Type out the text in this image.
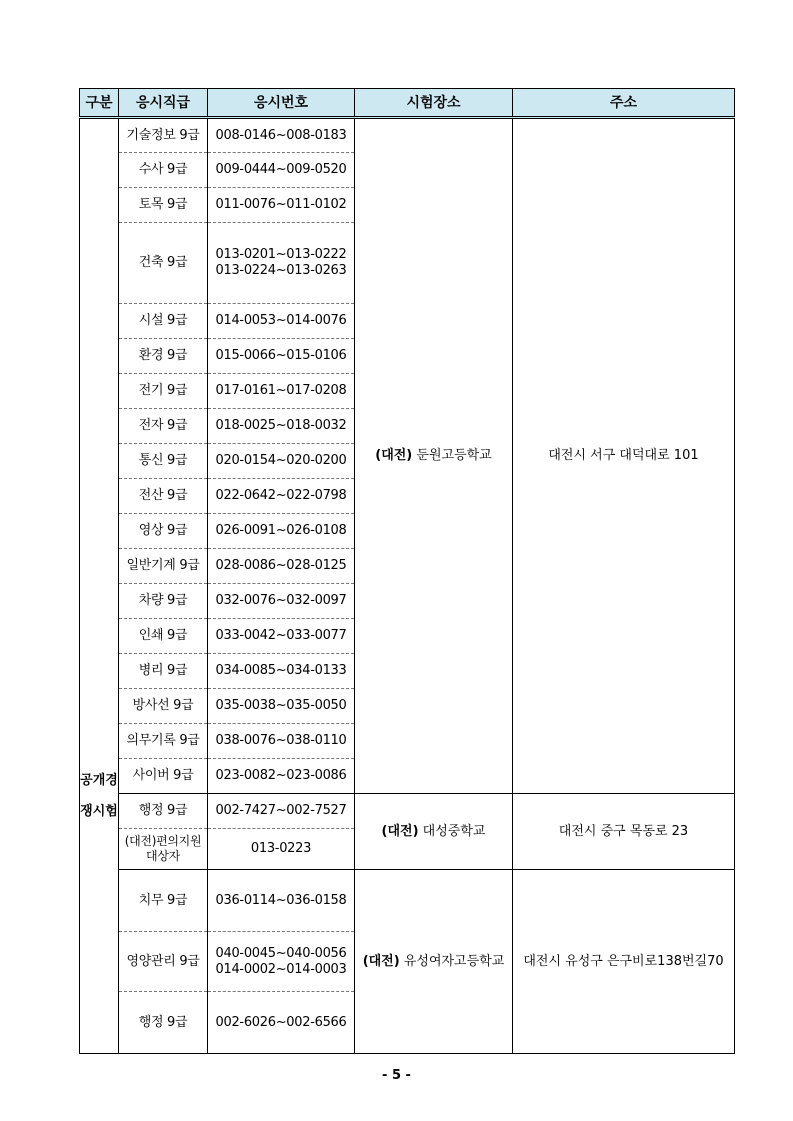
구분	응시직급	응시번호	시험장소	주소

공개경쟁시험	기술정보 9급	008-0146~008-0183	(대전) 둔원고등학교	대전시 서구 대덕대로 101
	수사 9급	009-0444~009-0520		

	토목 9급	011-0076~011-0102		

	건축 9급	013-0201~013-0222
013-0224~013-0263		

	시설 9급	014-0053~014-0076		

	환경 9급	015-0066~015-0106		

	전기 9급	017-0161~017-0208		

	전자 9급	018-0025~018-0032		

	통신 9급	020-0154~020-0200		

	전산 9급	022-0642~022-0798		

	영상 9급	026-0091~026-0108		

	일반기계 9급	028-0086~028-0125		

	차량 9급	032-0076~032-0097		

	인쇄 9급	033-0042~033-0077		

	병리 9급	034-0085~034-0133		

	방사선 9급	035-0038~035-0050		

	의무기록 9급	038-0076~038-0110		

	사이버 9급	023-0082~023-0086		

	행정 9급	002-7427~002-7527	(대전) 대성중학교	대전시 중구 목동로 23

	(대전)편의지원
대상자	013-0223		

	치무 9급	036-0114~036-0158	(대전) 유성여자고등학교	대전시 유성구 은구비로138번길70
	영양관리 9급	040-0045~040-0056
014-0002~014-0003		

	행정 9급	002-6026~002-6566		
- 5 -
